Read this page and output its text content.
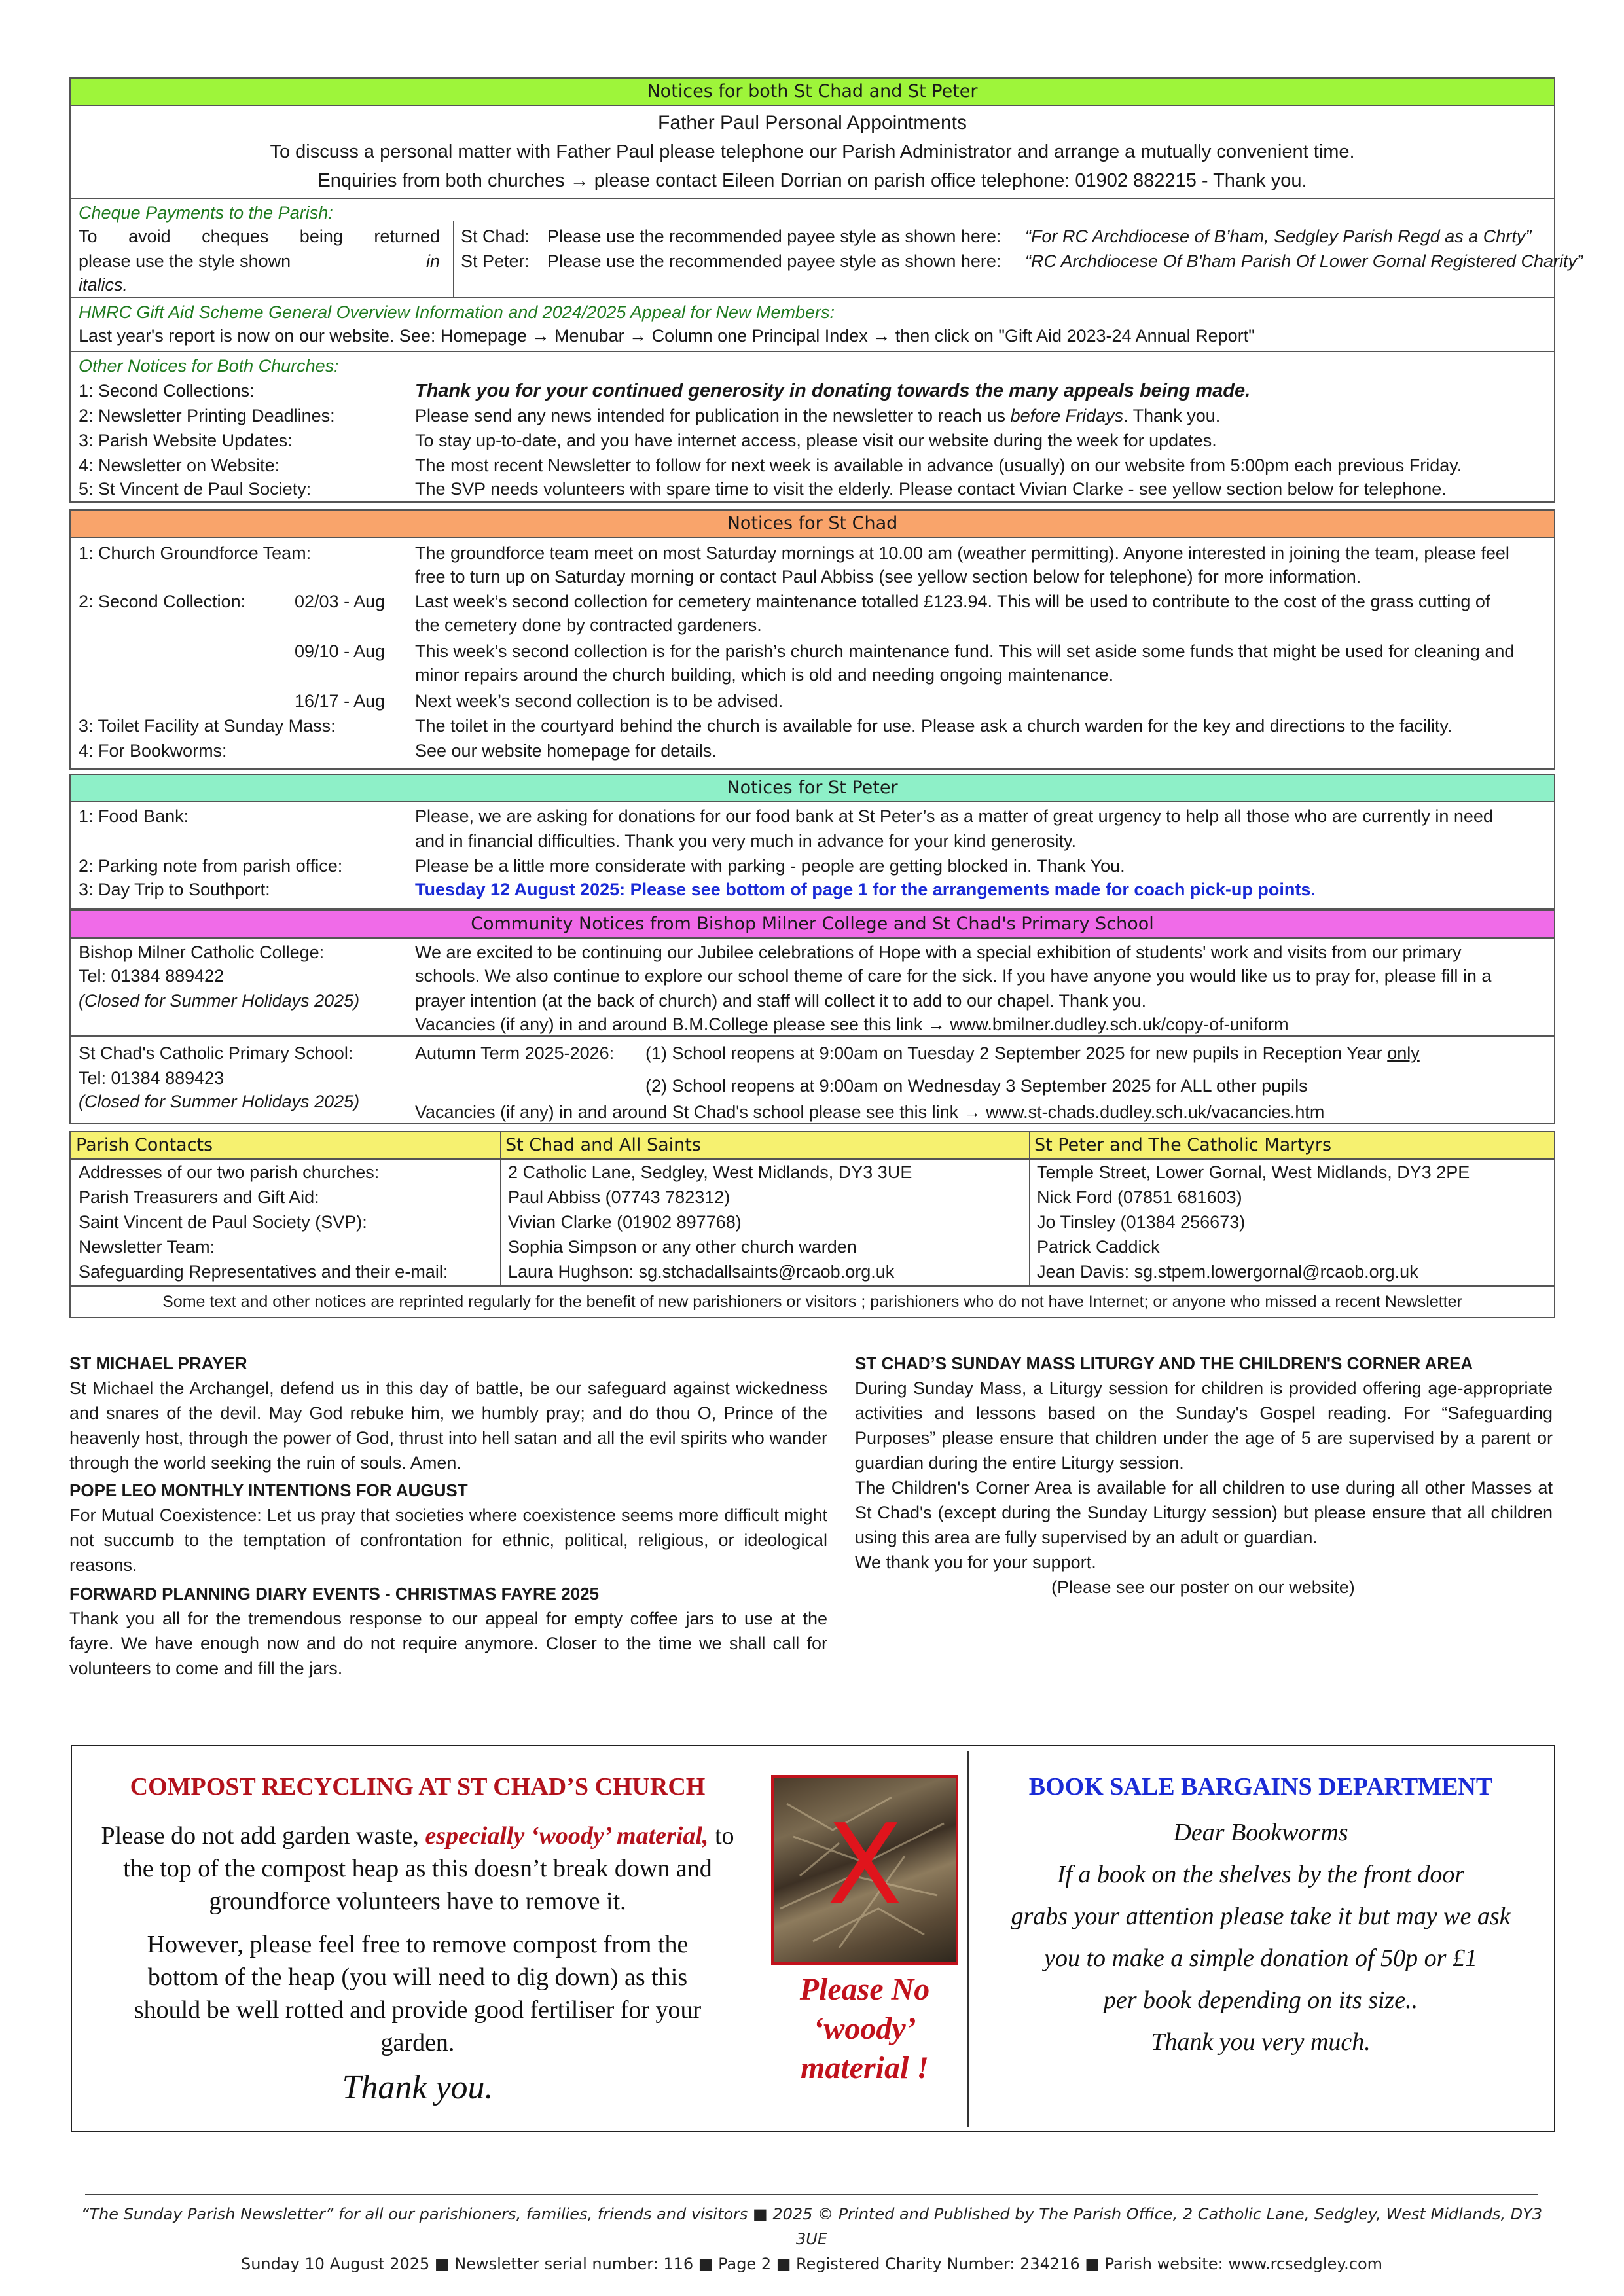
Notices for both St Chad and St Peter
Father Paul Personal Appointments
To discuss a personal matter with Father Paul please telephone our Parish Administrator and arrange a mutually convenient time.
Enquiries from both churches → please contact Eileen Dorrian on parish office telephone: 01902 882215 - Thank you.
Cheque Payments to the Parish:
To avoid cheques being returned
please use the style shown	in
italics.
St Chad: Please use the recommended payee style as shown here: “For RC Archdiocese of B’ham, Sedgley Parish Regd as a Chrty”
St Peter: Please use the recommended payee style as shown here: “RC Archdiocese Of B'ham Parish Of Lower Gornal Registered Charity”
HMRC Gift Aid Scheme General Overview Information and 2024/2025 Appeal for New Members:
Last year's report is now on our website. See: Homepage → Menubar → Column one Principal Index → then click on "Gift Aid 2023-24 Annual Report"
Other Notices for Both Churches:
1: Second Collections:	Thank you for your continued generosity in donating towards the many appeals being made.
2: Newsletter Printing Deadlines:	Please send any news intended for publication in the newsletter to reach us before Fridays. Thank you.
3: Parish Website Updates:	To stay up-to-date, and you have internet access, please visit our website during the week for updates.
4: Newsletter on Website:	The most recent Newsletter to follow for next week is available in advance (usually) on our website from 5:00pm each previous Friday.
5: St Vincent de Paul Society:	The SVP needs volunteers with spare time to visit the elderly. Please contact Vivian Clarke - see yellow section below for telephone.
Notices for St Chad
1: Church Groundforce Team:	The groundforce team meet on most Saturday mornings at 10.00 am (weather permitting). Anyone interested in joining the team, please feel
free to turn up on Saturday morning or contact Paul Abbiss (see yellow section below for telephone) for more information.
2: Second Collection:	02/03 - Aug Last week’s second collection for cemetery maintenance totalled £123.94. This will be used to contribute to the cost of the grass cutting of
the cemetery done by contracted gardeners.
09/10 - Aug This week’s second collection is for the parish’s church maintenance fund. This will set aside some funds that might be used for cleaning and
minor repairs around the church building, which is old and needing ongoing maintenance.
16/17 - Aug Next week’s second collection is to be advised.
3: Toilet Facility at Sunday Mass:	The toilet in the courtyard behind the church is available for use. Please ask a church warden for the key and directions to the facility.
4: For Bookworms:	See our website homepage for details.
Notices for St Peter
1: Food Bank:	Please, we are asking for donations for our food bank at St Peter’s as a matter of great urgency to help all those who are currently in need
and in financial difficulties. Thank you very much in advance for your kind generosity.
2: Parking note from parish office:	Please be a little more considerate with parking - people are getting blocked in. Thank You.
3: Day Trip to Southport:	Tuesday 12 August 2025: Please see bottom of page 1 for the arrangements made for coach pick-up points.
Community Notices from Bishop Milner College and St Chad's Primary School
Bishop Milner Catholic College:
Tel: 01384 889422
(Closed for Summer Holidays 2025)
We are excited to be continuing our Jubilee celebrations of Hope with a special exhibition of students' work and visits from our primary
schools. We also continue to explore our school theme of care for the sick. If you have anyone you would like us to pray for, please fill in a
prayer intention (at the back of church) and staff will collect it to add to our chapel. Thank you.
Vacancies (if any) in and around B.M.College please see this link → www.bmilner.dudley.sch.uk/copy-of-uniform
St Chad's Catholic Primary School:
Tel: 01384 889423
(Closed for Summer Holidays 2025)
Autumn Term 2025-2026: (1) School reopens at 9:00am on Tuesday 2 September 2025 for new pupils in Reception Year only
(2) School reopens at 9:00am on Wednesday 3 September 2025 for ALL other pupils
Vacancies (if any) in and around St Chad's school please see this link → www.st-chads.dudley.sch.uk/vacancies.htm
Parish Contacts	St Chad and All Saints	St Peter and The Catholic Martyrs
Addresses of our two parish churches:	2 Catholic Lane, Sedgley, West Midlands, DY3 3UE	Temple Street, Lower Gornal, West Midlands, DY3 2PE
Parish Treasurers and Gift Aid:	Paul Abbiss (07743 782312)	Nick Ford (07851 681603)
Saint Vincent de Paul Society (SVP):	Vivian Clarke (01902 897768)	Jo Tinsley (01384 256673)
Newsletter Team:	Sophia Simpson or any other church warden	Patrick Caddick
Safeguarding Representatives and their e-mail:	Laura Hughson: sg.stchadallsaints@rcaob.org.uk	Jean Davis: sg.stpem.lowergornal@rcaob.org.uk
Some text and other notices are reprinted regularly for the benefit of new parishioners or visitors ; parishioners who do not have Internet; or anyone who missed a recent Newsletter
ST MICHAEL PRAYER

St Michael the Archangel, defend us in this day of battle, be our safeguard against wickedness and snares of the devil. May God rebuke him, we humbly pray; and do thou O, Prince of the heavenly host, through the power of God, thrust into hell satan and all the evil spirits who wander through the world seeking the ruin of souls. Amen.

POPE LEO MONTHLY INTENTIONS FOR AUGUST

For Mutual Coexistence: Let us pray that societies where coexistence seems more difficult might not succumb to the temptation of confrontation for ethnic, political, religious, or ideological reasons.

FORWARD PLANNING DIARY EVENTS - CHRISTMAS FAYRE 2025

Thank you all for the tremendous response to our appeal for empty coffee jars to use at the fayre. We have enough now and do not require anymore. Closer to the time we shall call for volunteers to come and fill the jars.

ST CHAD’S SUNDAY MASS LITURGY AND THE CHILDREN'S CORNER AREA

During Sunday Mass, a Liturgy session for children is provided offering age-appropriate activities and lessons based on the Sunday's Gospel reading. For “Safeguarding Purposes” please ensure that children under the age of 5 are supervised by a parent or guardian during the entire Liturgy session.

The Children's Corner Area is available for all children to use during all other Masses at St Chad's (except during the Sunday Liturgy session) but please ensure that all children using this area are fully supervised by an adult or guardian.

We thank you for your support.

(Please see our poster on our website)

COMPOST RECYCLING AT ST CHAD’S CHURCH

Please do not add garden waste, especially ‘woody’ material, to the top of the compost heap as this doesn’t break down and groundforce volunteers have to remove it.

However, please feel free to remove compost from the bottom of the heap (you will need to dig down) as this should be well rotted and provide good fertiliser for your garden.

Thank you.
X
Please No ‘woody’ material !
BOOK SALE BARGAINS DEPARTMENT
Dear Bookworms
If a book on the shelves by the front door
grabs your attention please take it but may we ask
you to make a simple donation of 50p or £1
per book depending on its size..
Thank you very much.
“The Sunday Parish Newsletter” for all our parishioners, families, friends and visitors ■ 2025 © Printed and Published by The Parish Office, 2 Catholic Lane, Sedgley, West Midlands, DY3 3UE
Sunday 10 August 2025 ■ Newsletter serial number: 116 ■ Page 2 ■ Registered Charity Number: 234216 ■ Parish website: www.rcsedgley.com
